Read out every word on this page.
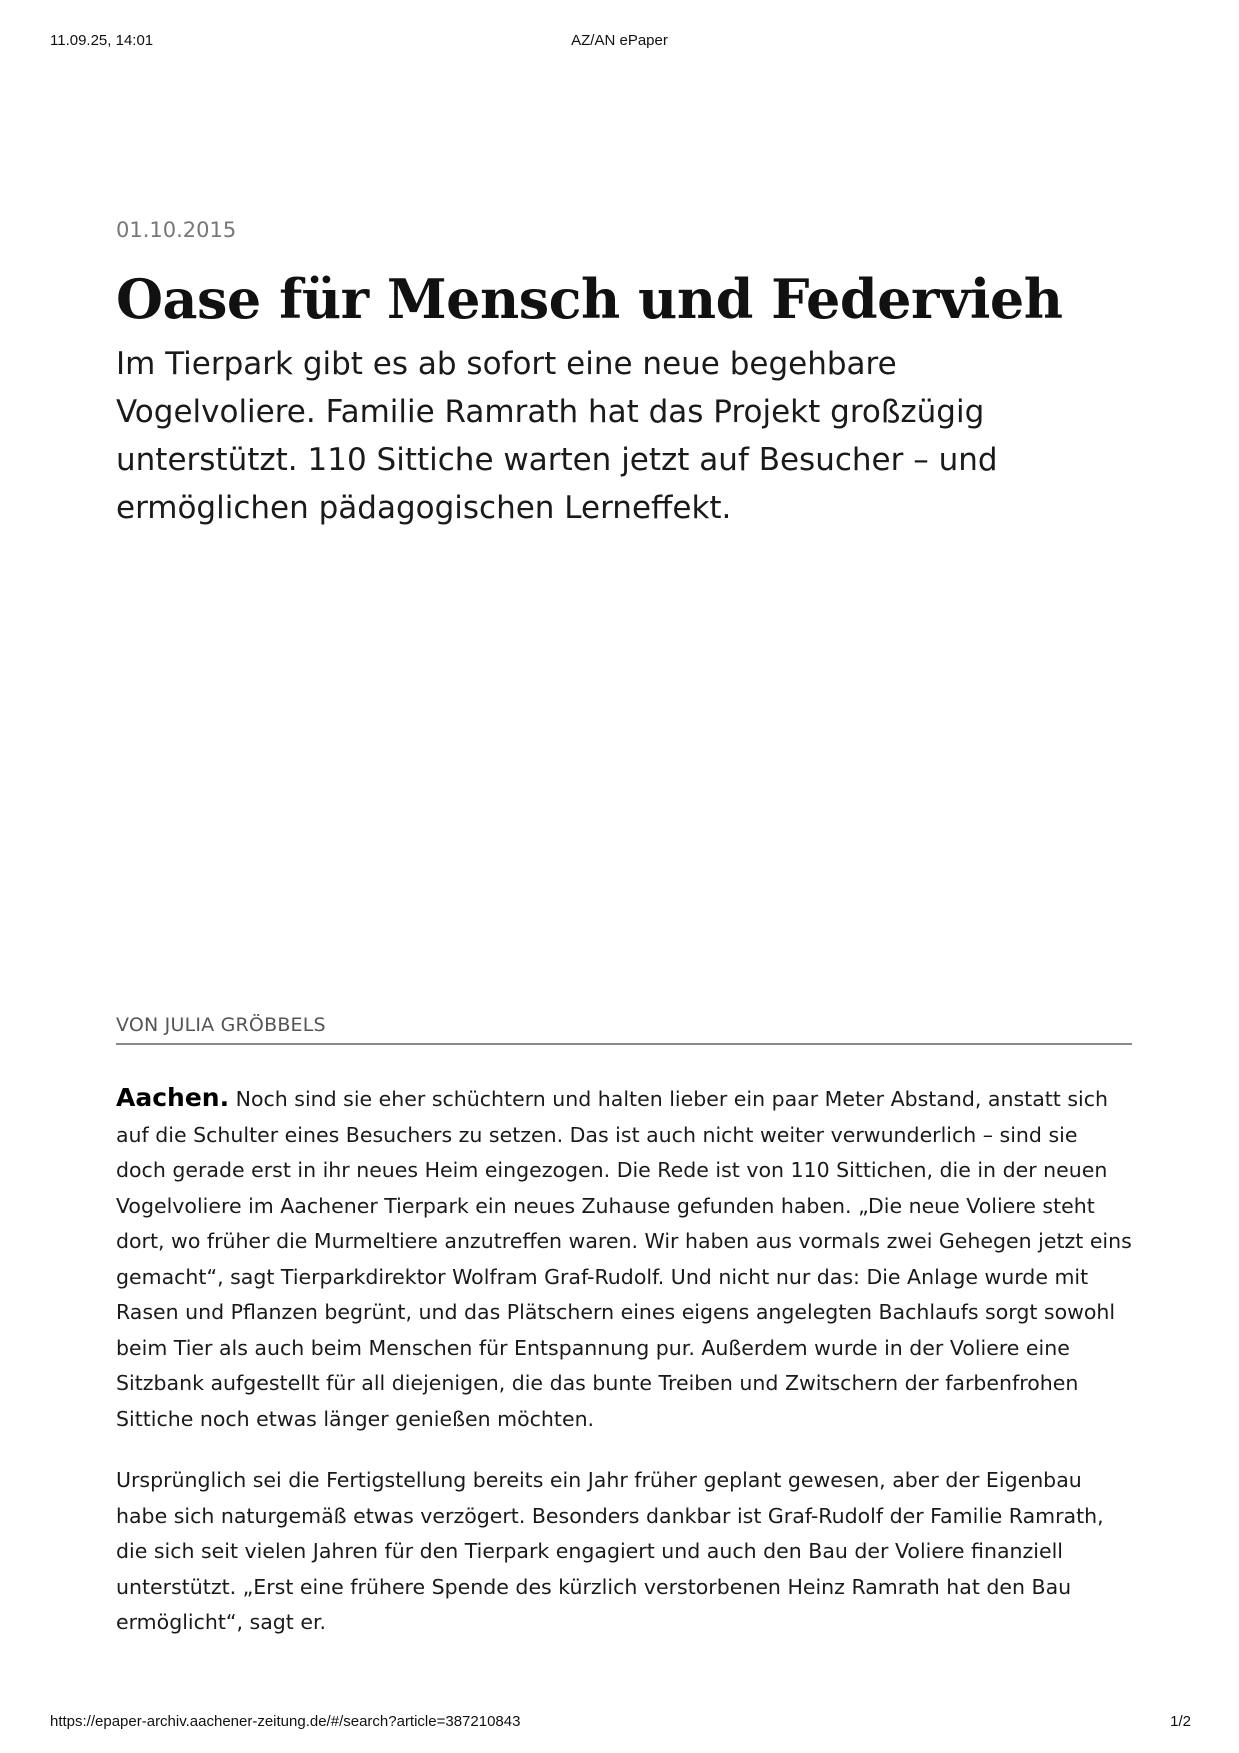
AZ/AN ePaper
11.09.25, 14:01

01.10.2015

Oase für Mensch und Federvieh

Im Tierpark gibt es ab sofort eine neue begehbare Vogelvoliere. Familie Ramrath hat das Projekt großzügig unterstützt. 110 Sittiche warten jetzt auf Besucher – und ermöglichen pädagogischen Lerneffekt.

VON JULIA GRÖBBELS

Aachen. Noch sind sie eher schüchtern und halten lieber ein paar Meter Abstand, anstatt sich auf die Schulter eines Besuchers zu setzen. Das ist auch nicht weiter verwunderlich – sind sie doch gerade erst in ihr neues Heim eingezogen. Die Rede ist von 110 Sittichen, die in der neuen Vogelvoliere im Aachener Tierpark ein neues Zuhause gefunden haben. „Die neue Voliere steht dort, wo früher die Murmeltiere anzutreffen waren. Wir haben aus vormals zwei Gehegen jetzt eins gemacht“, sagt Tierparkdirektor Wolfram Graf-Rudolf. Und nicht nur das: Die Anlage wurde mit Rasen und Pflanzen begrünt, und das Plätschern eines eigens angelegten Bachlaufs sorgt sowohl beim Tier als auch beim Menschen für Entspannung pur. Außerdem wurde in der Voliere eine Sitzbank aufgestellt für all diejenigen, die das bunte Treiben und Zwitschern der farbenfrohen Sittiche noch etwas länger genießen möchten.

Ursprünglich sei die Fertigstellung bereits ein Jahr früher geplant gewesen, aber der Eigenbau habe sich naturgemäß etwas verzögert. Besonders dankbar ist Graf-Rudolf der Familie Ramrath, die sich seit vielen Jahren für den Tierpark engagiert und auch den Bau der Voliere finanziell unterstützt. „Erst eine frühere Spende des kürzlich verstorbenen Heinz Ramrath hat den Bau ermöglicht“, sagt er.

https://epaper-archiv.aachener-zeitung.de/#/search?article=387210843	1/2
